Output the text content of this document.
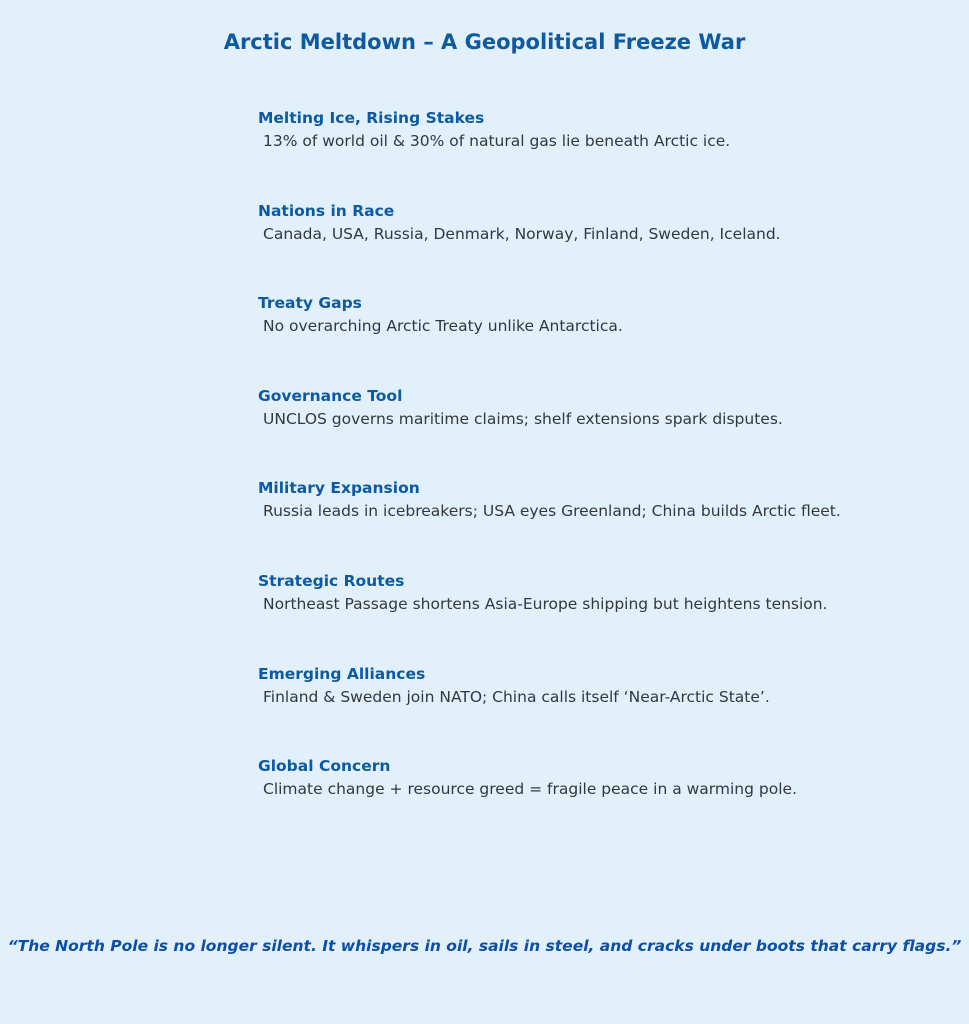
Arctic Meltdown – A Geopolitical Freeze War
Melting Ice, Rising Stakes
13% of world oil & 30% of natural gas lie beneath Arctic ice.
Nations in Race
Canada, USA, Russia, Denmark, Norway, Finland, Sweden, Iceland.
Treaty Gaps
No overarching Arctic Treaty unlike Antarctica.
Governance Tool
UNCLOS governs maritime claims; shelf extensions spark disputes.
Military Expansion
Russia leads in icebreakers; USA eyes Greenland; China builds Arctic fleet.
Strategic Routes
Northeast Passage shortens Asia-Europe shipping but heightens tension.
Emerging Alliances
Finland & Sweden join NATO; China calls itself ‘Near-Arctic State’.
Global Concern
Climate change + resource greed = fragile peace in a warming pole.
“The North Pole is no longer silent. It whispers in oil, sails in steel, and cracks under boots that carry flags.”
